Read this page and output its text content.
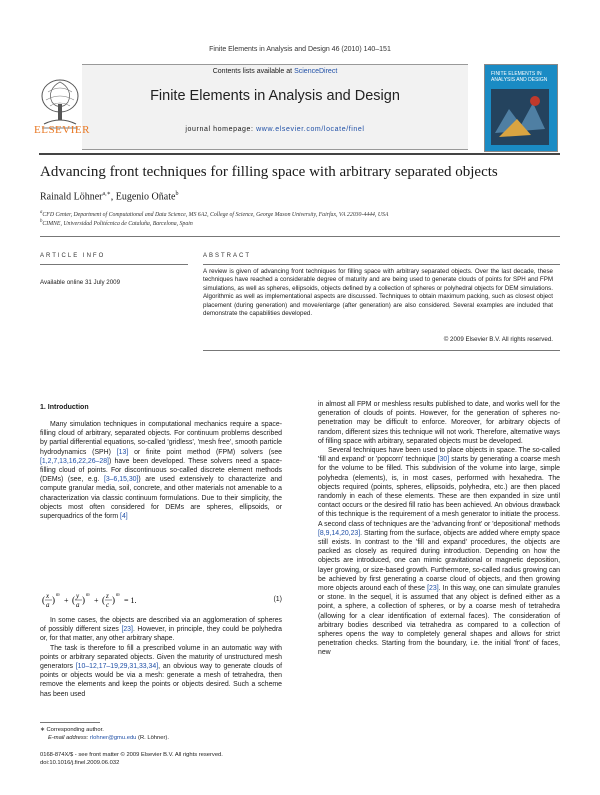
Finite Elements in Analysis and Design 46 (2010) 140–151
Contents lists available at ScienceDirect
Finite Elements in Analysis and Design
journal homepage: www.elsevier.com/locate/finel
ELSEVIER
FINITE ELEMENTS IN ANALYSIS AND DESIGN
Advancing front techniques for filling space with arbitrary separated objects
Rainald Löhner$^{a,∗}$, Eugenio Oñate$^b$
$^a$CFD Center, Department of Computational and Data Science, MS 6A2, College of Science, George Mason University, Fairfax, VA 22030-4444, USA
$^b$CIMNE, Universidad Politécnica de Cataluña, Barcelona, Spain
ARTICLE INFO
Available online 31 July 2009
ABSTRACT
A review is given of advancing front techniques for filling space with arbitrary separated objects. Over the last decade, these techniques have reached a considerable degree of maturity and are being used to generate clouds of points for SPH and FPM simulations, as well as spheres, ellipsoids, objects defined by a collection of spheres or polyhedral objects for DEM simulations. Algorithmic as well as implementational aspects are discussed. Techniques to obtain maximum packing, such as closest object placement (during generation) and move/enlarge (after generation) are also considered. Several examples are included that demonstrate the capabilities developed.
© 2009 Elsevier B.V. All rights reserved.
1. Introduction

Many simulation techniques in computational mechanics require a space-filling cloud of arbitrary, separated objects. For continuum problems described by partial differential equations, so-called 'gridless', 'mesh free', smooth particle hydrodynamics (SPH) [13] or finite point method (FPM) solvers (see [1,2,7,13,16,22,26–28]) have been developed. These solvers need a space-filling cloud of points. For discontinuous so-called discrete element methods (DEMs) (see, e.g. [3–6,15,30]) are used extensively to characterize and compute granular media, soil, concrete, and other materials not amenable to a characterization via classic continuum formulations. Due to their simplicity, the objects most often considered for DEMs are spheres, ellipsoids, or superquadrics of the form [4]

( x
a ) m
+ ( y
a ) m
+ ( z
c ) m
= 1.	(1)

In some cases, the objects are described via an agglomeration of spheres of possibly different sizes [23]. However, in principle, they could be polyhedra or, for that matter, any other arbitrary shape.

The task is therefore to fill a prescribed volume in an automatic way with points or arbitrary separated objects. Given the maturity of unstructured mesh generators [10–12,17–19,29,31,33,34], an obvious way to generate clouds of points or objects would be via a mesh: generate a mesh of tetrahedra, then remove the elements and keep the points or objects desired. Such a scheme has been used

in almost all FPM or meshless results published to date, and works well for the generation of clouds of points. However, for the generation of spheres no-penetration may be difficult to enforce. Moreover, for arbitrary objects of random, different sizes this technique will not work. Therefore, alternative ways of filling space with arbitrary, separated objects must be developed.

Several techniques have been used to place objects in space. The so-called 'fill and expand' or 'popcorn' technique [30] starts by generating a coarse mesh for the volume to be filled. This subdivision of the volume into large, simple polyhedra (elements), is, in most cases, performed with hexahedra. The objects required (points, spheres, ellipsoids, polyhedra, etc.) are then placed randomly in each of these elements. These are then expanded in size until contact occurs or the desired fill ratio has been achieved. An obvious drawback of this technique is the requirement of a mesh generator to initiate the process. A second class of techniques are the 'advancing front' or 'depositional' methods [8,9,14,20,23]. Starting from the surface, objects are added where empty space still exists. In contrast to the 'fill and expand' procedures, the objects are packed as closely as required during introduction. Depending on how the objects are introduced, one can mimic gravitational or magnetic deposition, layer growing, or size-based growth. Furthermore, so-called radius growing can be achieved by first generating a coarse cloud of objects, and then growing more objects around each of these [23]. In this way, one can simulate granules or stone. In the sequel, it is assumed that any object is defined either as a point, a sphere, a collection of spheres, or by a coarse mesh of tetrahedra (allowing for a clear identification of external faces). The consideration of arbitrary bodies described via tetrahedra as compared to a collection of spheres opens the way to completely general shapes and allows for strict penetration checks. Starting from the boundary, i.e. the initial 'front' of faces, new

∗ Corresponding author.
E-mail address: rlohner@gmu.edu (R. Löhner).
0168-874X/$ - see front matter © 2009 Elsevier B.V. All rights reserved.
doi:10.1016/j.finel.2009.06.032
